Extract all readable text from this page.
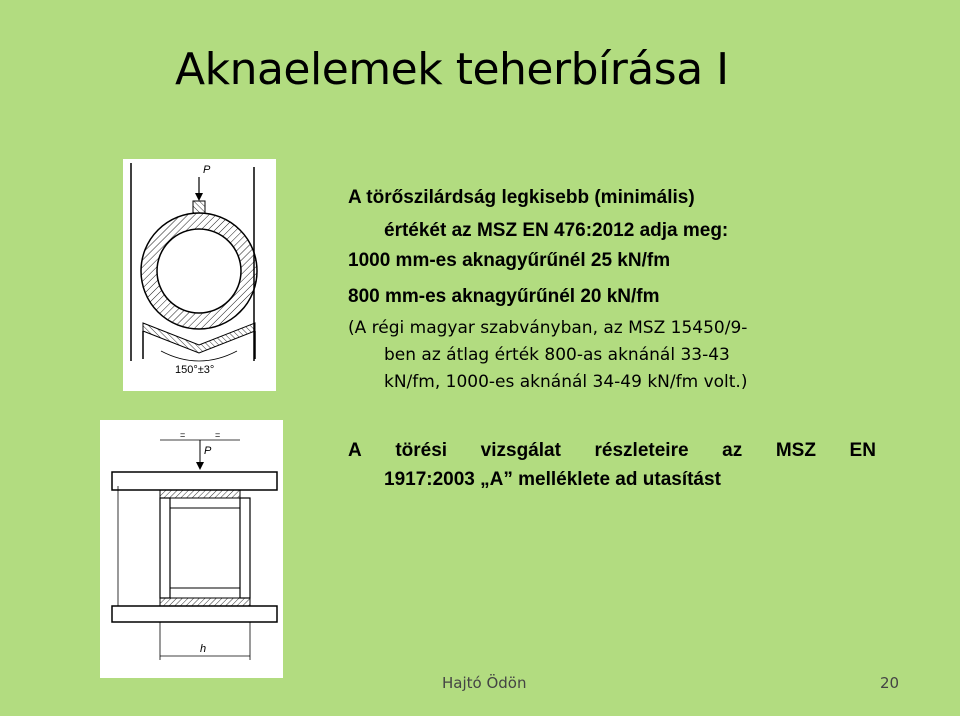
Aknaelemek teherbírása I
P
150°±3°
=	=
P
h
A törőszilárdság legkisebb (minimális)
értékét az MSZ EN 476:2012 adja meg:
1000 mm-es aknagyűrűnél 25 kN/fm
800 mm-es aknagyűrűnél 20 kN/fm
(A régi magyar szabványban, az MSZ 15450/9-
ben az átlag érték 800-as aknánál 33-43
kN/fm, 1000-es aknánál 34-49 kN/fm volt.)
A törési vizsgálat részleteire az MSZ EN
1917:2003 „A” melléklete ad utasítást
Hajtó Ödön	20
